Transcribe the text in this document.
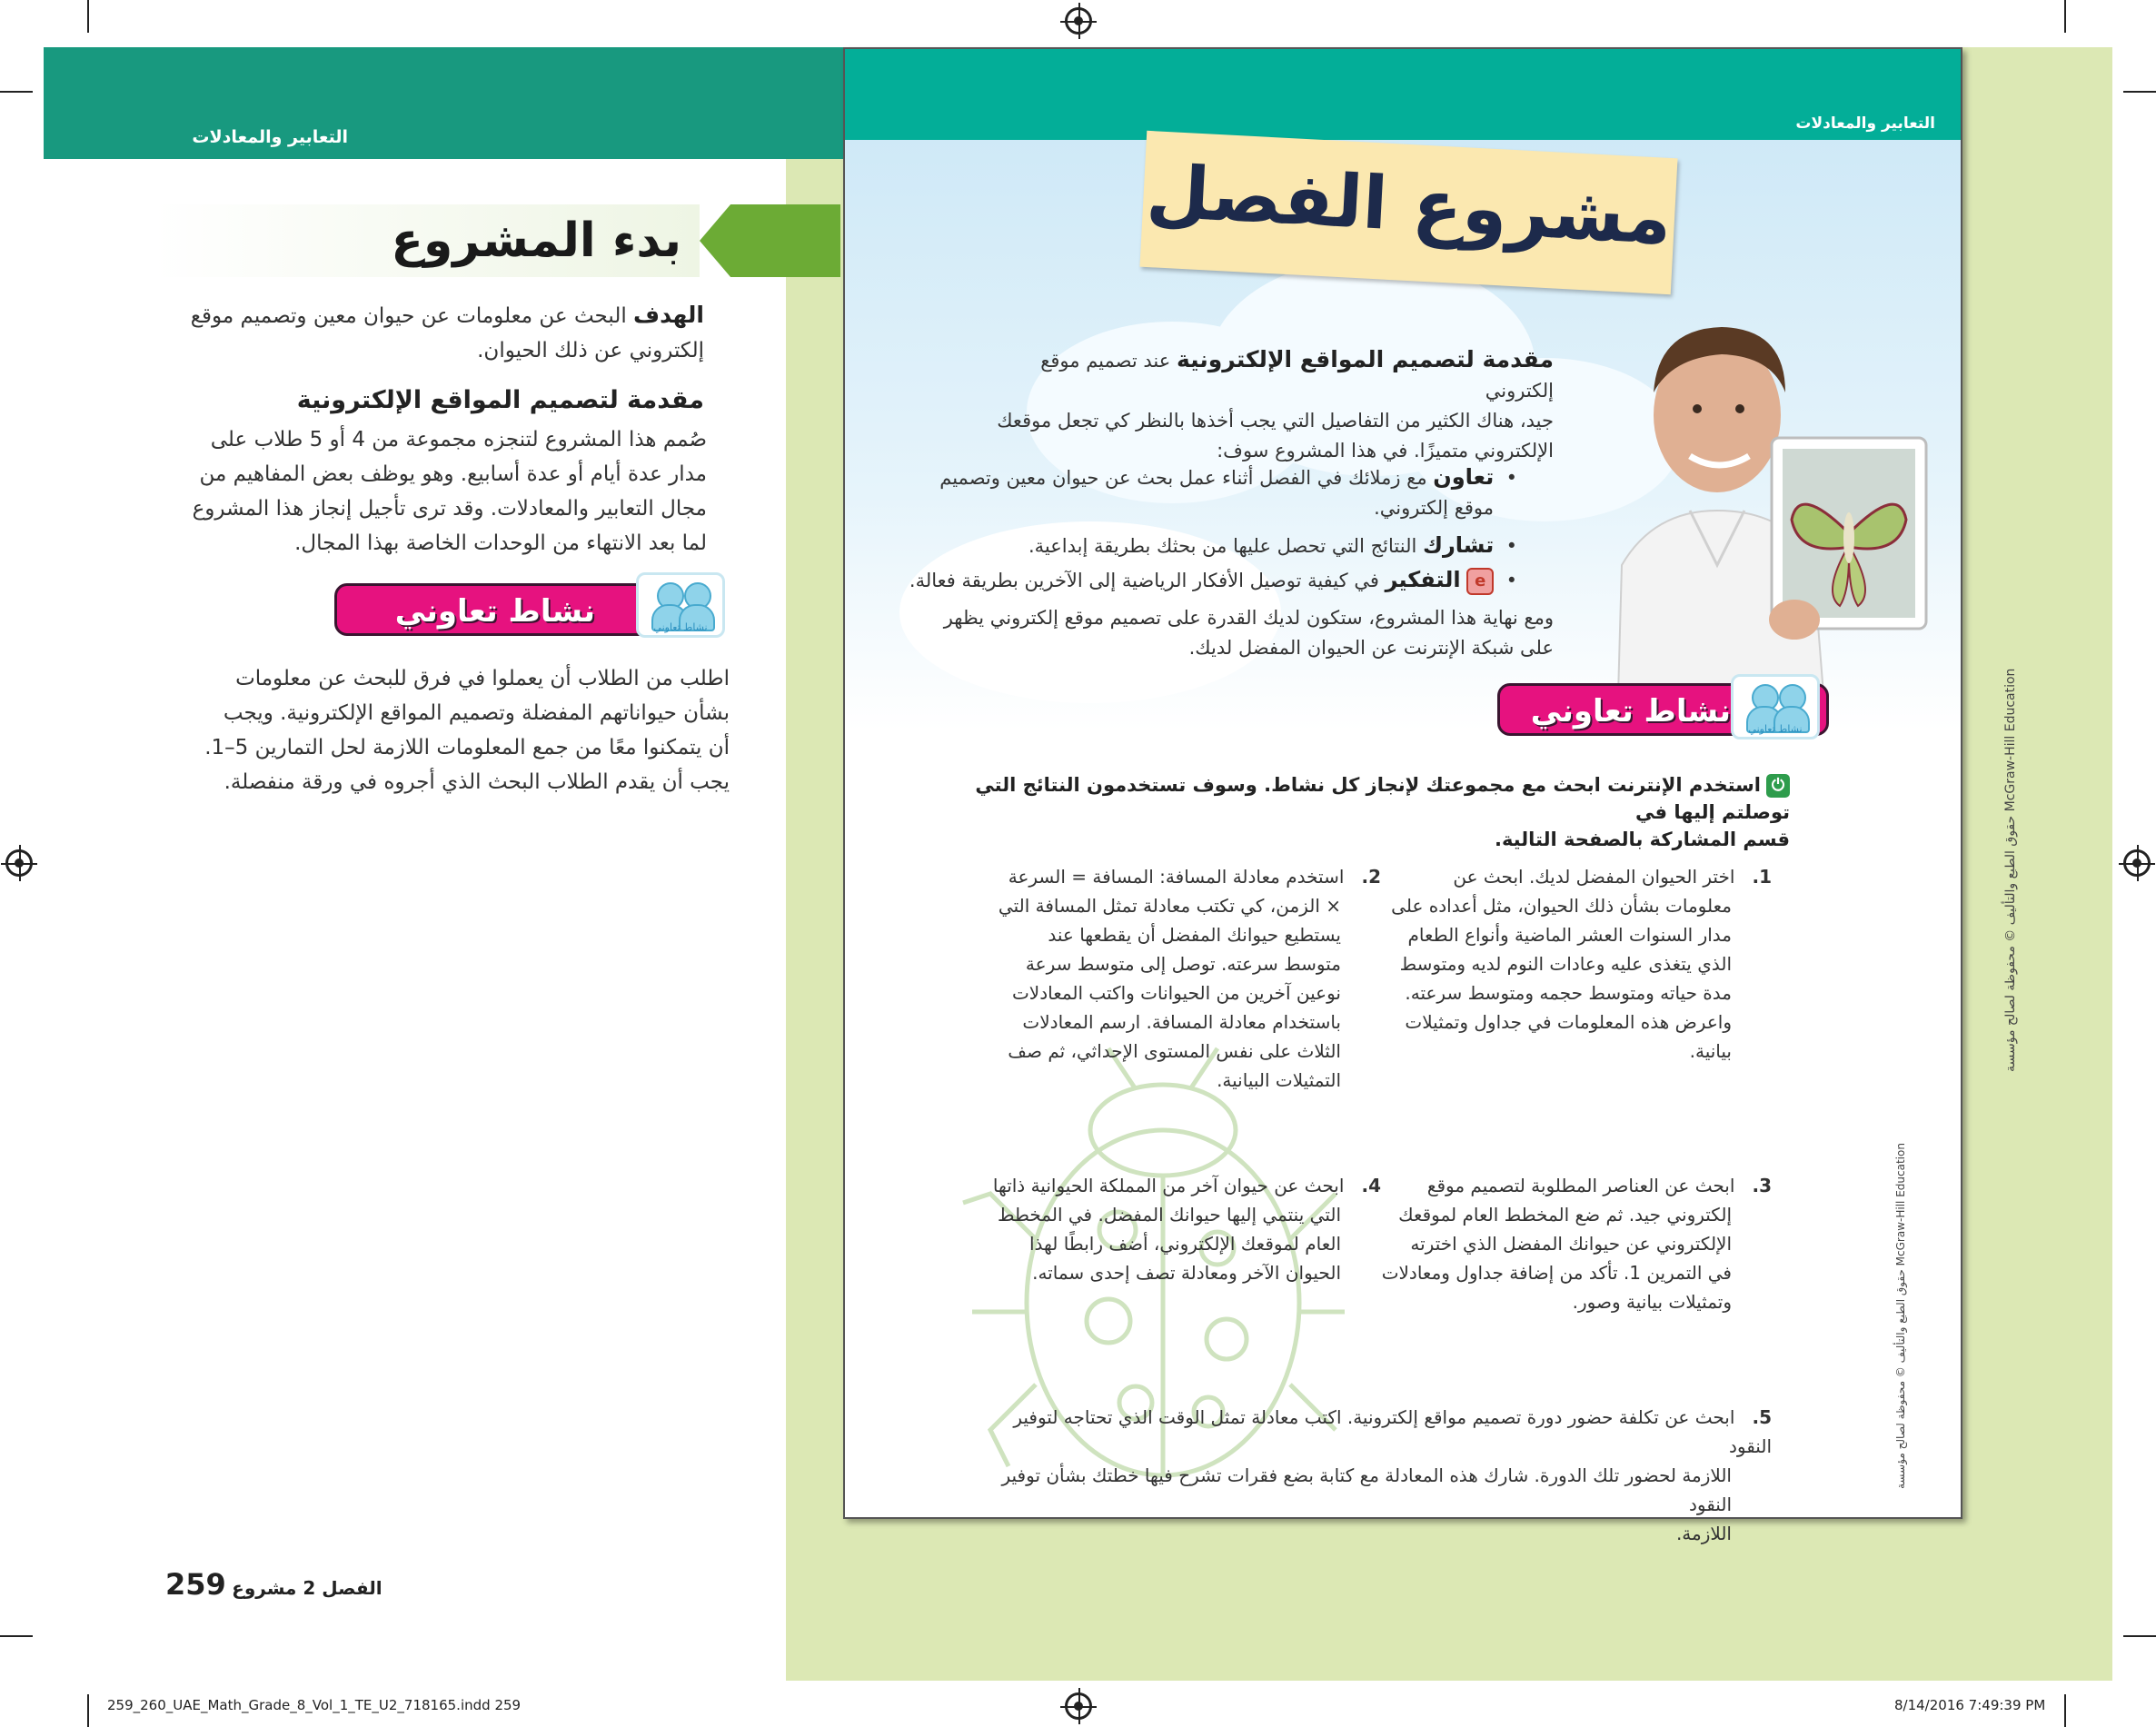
التعابير والمعادلات
بدء المشروع
الهدف البحث عن معلومات عن حيوان معين وتصميم موقع إلكتروني عن ذلك الحيوان.
مقدمة لتصميم المواقع الإلكترونية
صُمم هذا المشروع لتنجزه مجموعة من 4 أو 5 طلاب على
مدار عدة أيام أو عدة أسابيع. وهو يوظف بعض المفاهيم من
مجال التعابير والمعادلات. وقد ترى تأجيل إنجاز هذا المشروع
لما بعد الانتهاء من الوحدات الخاصة بهذا المجال.
نشاط تعاوني	نشاط تعاوني
اطلب من الطلاب أن يعملوا في فرق للبحث عن معلومات
بشأن حيواناتهم المفضلة وتصميم المواقع الإلكترونية. ويجب
أن يتمكنوا معًا من جمع المعلومات اللازمة لحل التمارين 5–1.
يجب أن يقدم الطلاب البحث الذي أجروه في ورقة منفصلة.
الفصل 2 مشروع 259
حقوق الطبع والتأليف © محفوظة لصالح مؤسسة McGraw-Hill Education
التعابير والمعادلات
مشروع الفصل
مقدمة لتصميم المواقع الإلكترونية عند تصميم موقع إلكتروني
جيد، هناك الكثير من التفاصيل التي يجب أخذها بالنظر كي تجعل موقعك
الإلكتروني متميزًا. في هذا المشروع سوف:
•  تعاون مع زملائك في الفصل أثناء عمل بحث عن حيوان معين وتصميم
موقع إلكتروني.
•  تشارك النتائج التي تحصل عليها من بحثك بطريقة إبداعية.
•  e التفكير في كيفية توصيل الأفكار الرياضية إلى الآخرين بطريقة فعالة.
ومع نهاية هذا المشروع، ستكون لديك القدرة على تصميم موقع إلكتروني يظهر
على شبكة الإنترنت عن الحيوان المفضل لديك.
نشاط تعاوني	نشاط تعاوني
⏻استخدم الإنترنت ابحث مع مجموعتك لإنجاز كل نشاط. وسوف تستخدمون النتائج التي توصلتم إليها في
قسم المشاركة بالصفحة التالية.
1.   اختر الحيوان المفضل لديك. ابحث عن
معلومات بشأن ذلك الحيوان، مثل أعداده على
مدار السنوات العشر الماضية وأنواع الطعام
الذي يتغذى عليه وعادات النوم لديه ومتوسط
مدة حياته ومتوسط حجمه ومتوسط سرعته.
واعرض هذه المعلومات في جداول وتمثيلات
بيانية.
2.   استخدم معادلة المسافة: المسافة = السرعة
× الزمن، كي تكتب معادلة تمثل المسافة التي
يستطيع حيوانك المفضل أن يقطعها عند
متوسط سرعته. توصل إلى متوسط سرعة
نوعين آخرين من الحيوانات واكتب المعادلات
باستخدام معادلة المسافة. ارسم المعادلات
الثلاث على نفس المستوى الإحداثي، ثم صف
التمثيلات البيانية.
3.   ابحث عن العناصر المطلوبة لتصميم موقع
إلكتروني جيد. ثم ضع المخطط العام لموقعك
الإلكتروني عن حيوانك المفضل الذي اخترته
في التمرين 1. تأكد من إضافة جداول ومعادلات
وتمثيلات بيانية وصور.
4.   ابحث عن حيوان آخر من المملكة الحيوانية ذاتها
التي ينتمي إليها حيوانك المفضل. في المخطط
العام لموقعك الإلكتروني، أضف رابطًا لهذا
الحيوان الآخر ومعادلة تصف إحدى سماته.
5.   ابحث عن تكلفة حضور دورة تصميم مواقع إلكترونية. اكتب معادلة تمثل الوقت الذي تحتاجه لتوفير النقود
اللازمة لحضور تلك الدورة. شارك هذه المعادلة مع كتابة بضع فقرات تشرح فيها خطتك بشأن توفير النقود
اللازمة.
حقوق الطبع والتأليف © محفوظة لصالح مؤسسة McGraw-Hill Education
259_260_UAE_Math_Grade_8_Vol_1_TE_U2_718165.indd 259	8/14/2016 7:49:39 PM
